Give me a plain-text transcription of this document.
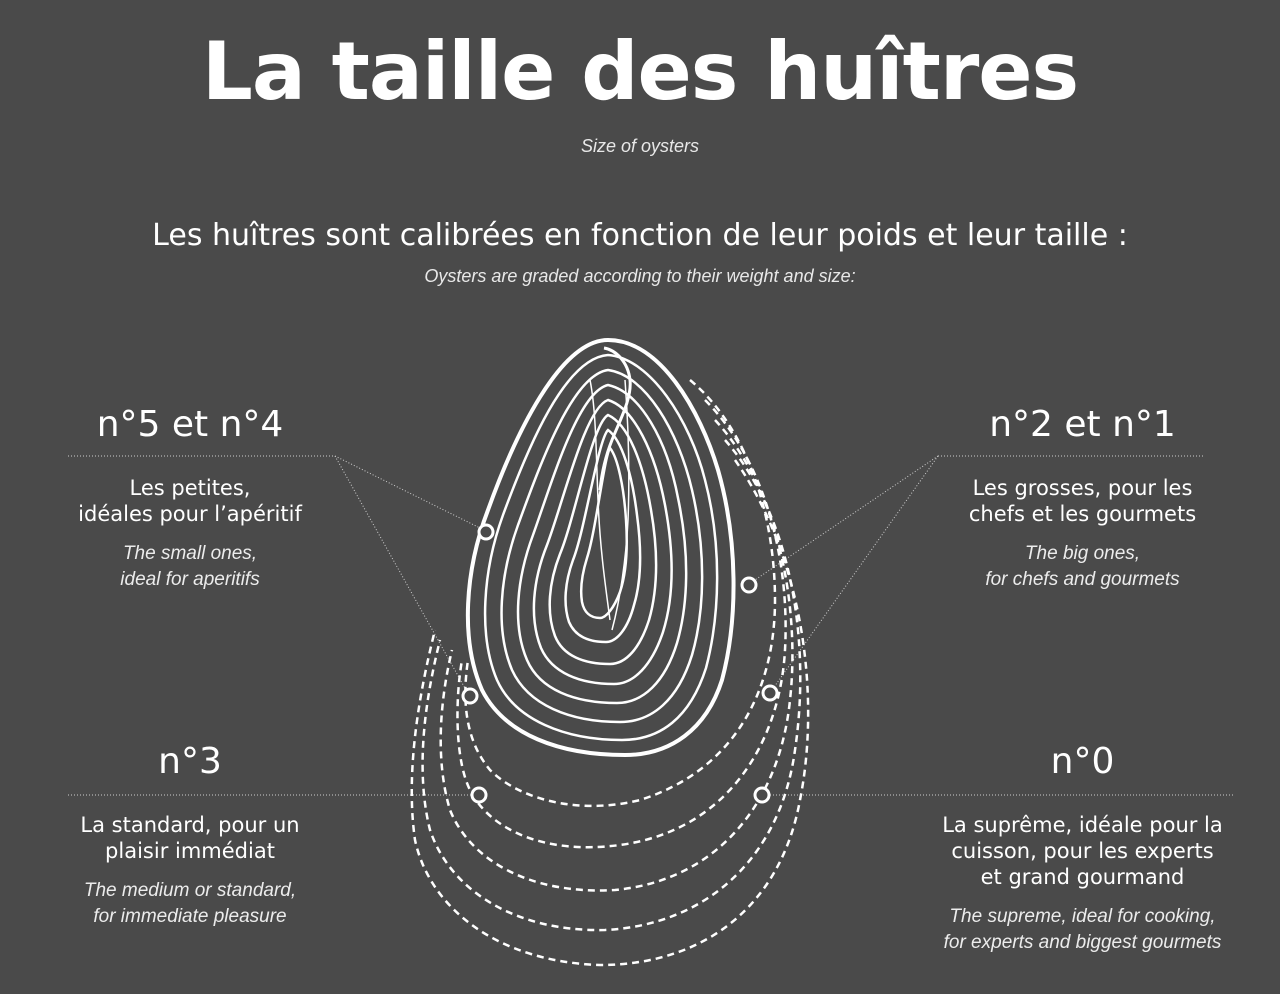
La taille des huîtres
Size of oysters
Les huîtres sont calibrées en fonction de leur poids et leur taille :
Oysters are graded according to their weight and size:
n°5 et n°4
Les petites,
idéales pour l’apéritif
The small ones,
ideal for aperitifs
n°2 et n°1
Les grosses, pour les
chefs et les gourmets
The big ones,
for chefs and gourmets
n°3
La standard, pour un
plaisir immédiat
The medium or standard,
for immediate pleasure
n°0
La suprême, idéale pour la
cuisson, pour les experts
et grand gourmand
The supreme, ideal for cooking,
for experts and biggest gourmets
